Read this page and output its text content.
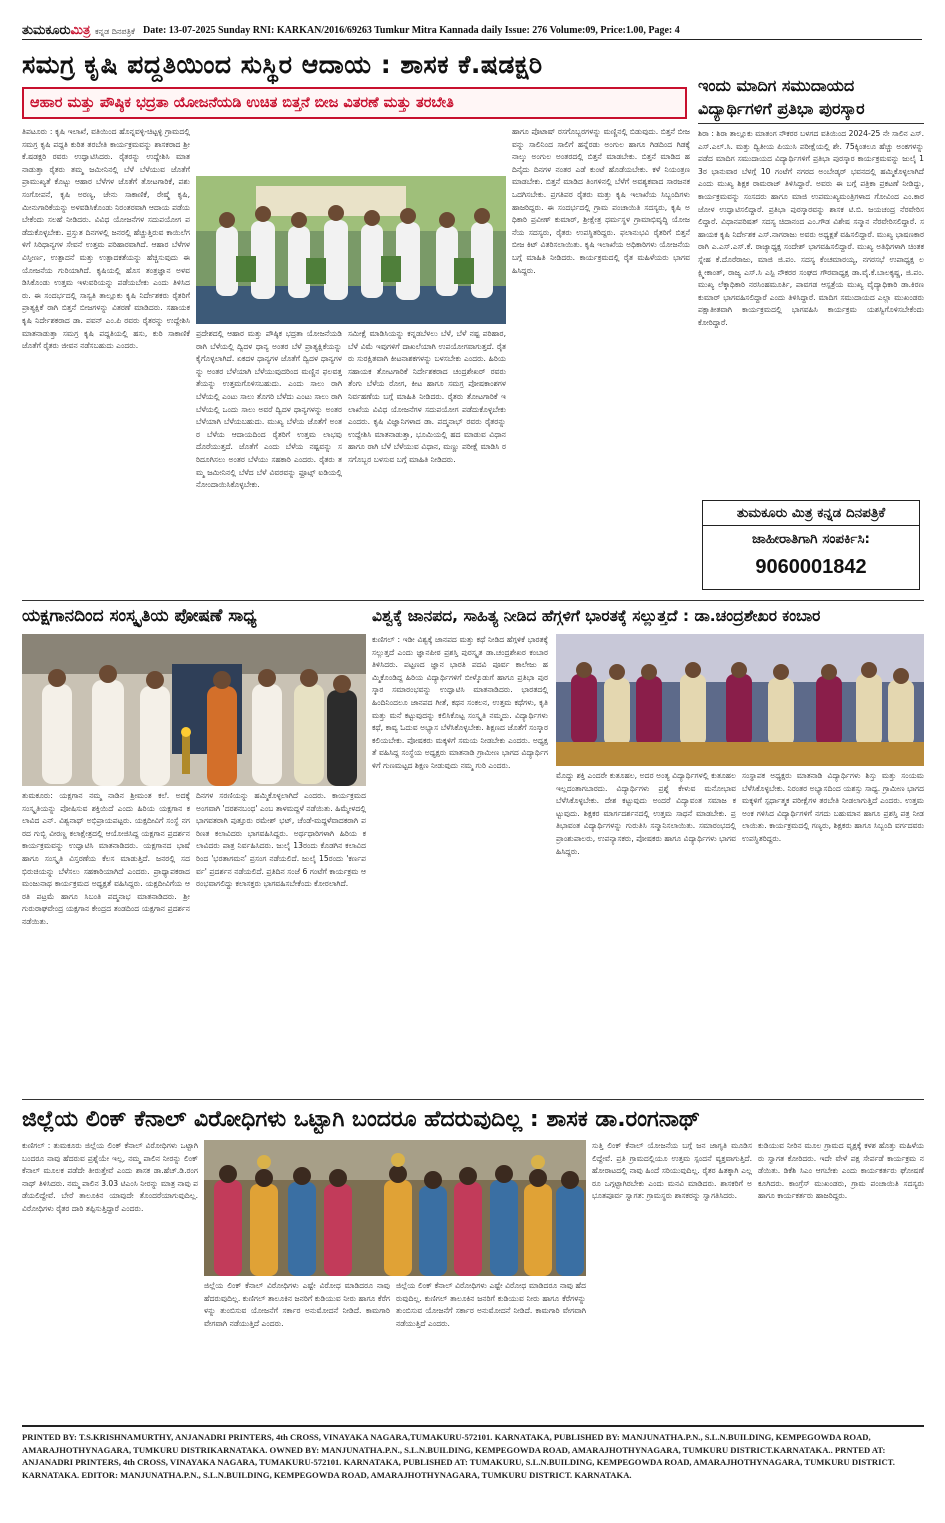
ತುಮಕೂರುಮಿತ್ರ ಕನ್ನಡ ದಿನಪತ್ರಿಕೆ Date: 13-07-2025 Sunday RNI: KARKAN/2016/69263 Tumkur Mitra Kannada daily Issue: 276 Volume:09, Price:1.00, Page: 4
ಸಮಗ್ರ ಕೃಷಿ ಪದ್ದತಿಯಿಂದ ಸುಸ್ಥಿರ ಆದಾಯ : ಶಾಸಕ ಕೆ.ಷಡಕ್ಷರಿ
ಆಹಾರ ಮತ್ತು ಪೌಷ್ಠಿಕ ಭದ್ರತಾ ಯೋಜನೆಯಡಿ ಉಚಿತ ಬಿತ್ತನೆ ಬೀಜ ವಿತರಣೆ ಮತ್ತು ತರಬೇತಿ
ತಿಪಟೂರು : ಕೃಷಿ ಇಲಾಖೆ, ವತಿಯಿಂದ ಹೊನ್ನವಳ್ಳಿ-ಚಿಟ್ಟಳ್ಳಿ ಗ್ರಾಮದಲ್ಲಿ ಸಮಗ್ರ ಕೃಷಿ ಪದ್ದತಿ ಕುರಿತ ತರಬೇತಿ ಕಾರ್ಯಕ್ರಮವನ್ನು ಶಾಸಕರಾದ ಶ್ರೀ ಕೆ.ಷಡಕ್ಷರಿ ರವರು ಉದ್ಘಾಟಿಸಿದರು. ರೈತರನ್ನು ಉದ್ದೇಶಿಸಿ ಮಾತನಾಡುತ್ತಾ ರೈತರು ತಮ್ಮ ಜಮೀನಿನಲ್ಲಿ ಬೆಳೆ ಬೆಳೆಯುವ ಜೊತೆಗೆ ಪ್ರಾಮುಖ್ಯತೆ ಕೊಟ್ಟು ಆಹಾರ ಬೆಳೆಗಳ ಜೊತೆಗೆ ತೋಟಗಾರಿಕೆ, ಪಶು ಸಂಗೋಪನೆ, ಕೃಷಿ ಅರಣ್ಯ, ಜೇನು ಸಾಕಾಣಿಕೆ, ರೇಷ್ಮೆ ಕೃಷಿ, ಮೀನುಗಾರಿಕೆಯನ್ನು ಅಳವಡಿಸಿಕೊಂಡು ನಿರಂತರವಾಗಿ ಆದಾಯ ಪಡೆಯಬೇಕೆಂದು ಸಲಹೆ ನೀಡಿದರು. ವಿವಿಧ ಯೋಜನೆಗಳ ಸದುಪಯೋಗ ಪಡೆದುಕೊಳ್ಳಬೇಕು. ಪ್ರಸ್ತುತ ದಿನಗಳಲ್ಲಿ ಜನರಲ್ಲಿ ಹೆಚ್ಚುತ್ತಿರುವ ಕಾಯಿಲೆಗಳಿಗೆ ಸಿರಿಧಾನ್ಯಗಳ ಸೇವನೆ ಉತ್ತಮ ಪರಿಹಾರವಾಗಿದೆ. ಆಹಾರ ಬೆಳೆಗಳ ವಿಸ್ತೀರ್ಣ, ಉತ್ಪಾದನೆ ಮತ್ತು ಉತ್ಪಾದಕತೆಯನ್ನು ಹೆಚ್ಚಿಸುವುದು ಈ ಯೋಜನೆಯ ಗುರಿಯಾಗಿದೆ. ಕೃಷಿಯಲ್ಲಿ ಹೊಸ ತಂತ್ರಜ್ಞಾನ ಅಳವಡಿಸಿಕೊಂಡು ಉತ್ತಮ ಇಳುವರಿಯನ್ನು ಪಡೆಯಬೇಕು ಎಂದು ತಿಳಿಸಿದರು. ಈ ಸಂದರ್ಭದಲ್ಲಿ ಸಾಸ್ವತಿ ತಾಲ್ಲೂಕು ಕೃಷಿ ನಿರ್ದೇಶಕರು ರೈತರಿಗೆ ಪ್ರಾತ್ಯಕ್ಷಿಕೆ ರಾಗಿ ಬಿತ್ತನೆ ಬೀಜಗಳನ್ನು ವಿತರಣೆ ಮಾಡಿದರು. ಸಹಾಯಕ ಕೃಷಿ ನಿರ್ದೇಶಕರಾದ ಡಾ. ಪವನ್ ಎಂ.ಪಿ ರವರು ರೈತರನ್ನು ಉದ್ದೇಶಿಸಿ ಮಾತನಾಡುತ್ತಾ ಸಮಗ್ರ ಕೃಷಿ ಪದ್ದತಿಯಲ್ಲಿ ಹಸು, ಕುರಿ ಸಾಕಾಣಿಕೆ ಜೊತೆಗೆ ರೈತರು ಜೀವನ ನಡೆಸಬಹುದು ಎಂದರು.
ಪ್ರದೇಶದಲ್ಲಿ ಆಹಾರ ಮತ್ತು ಪೌಷ್ಠಿಕ ಭದ್ರತಾ ಯೋಜನೆಯಡಿ ರಾಗಿ ಬೆಳೆಯಲ್ಲಿ ದ್ವಿದಳ ಧಾನ್ಯ ಅಂತರ ಬೆಳೆ ಪ್ರಾತ್ಯಕ್ಷಿಕೆಯನ್ನು ಕೈಗೊಳ್ಳಲಾಗಿದೆ. ಏಕದಳ ಧಾನ್ಯಗಳ ಜೊತೆಗೆ ದ್ವಿದಳ ಧಾನ್ಯಗಳನ್ನು ಅಂತರ ಬೆಳೆಯಾಗಿ ಬೆಳೆಯುವುದರಿಂದ ಮಣ್ಣಿನ ಫಲವತ್ತತೆಯನ್ನು ಉತ್ತಮಗೊಳಿಸಬಹುದು. ಎಂದು ಸಾಲು ರಾಗಿ ಬೆಳೆಯಲ್ಲಿ ಎಂಟು ಸಾಲು ತೊಗರಿ ಬೆಳೆದು ಎಂಟು ಸಾಲು ರಾಗಿ ಬೆಳೆಯಲ್ಲಿ ಒಂದು ಸಾಲು ಅವರೆ ದ್ವಿದಳ ಧಾನ್ಯಗಳನ್ನು ಅಂತರ ಬೆಳೆಯಾಗಿ ಬೆಳೆಯಬಹುದು. ಮುಖ್ಯ ಬೆಳೆಯ ಜೊತೆಗೆ ಅಂತರ ಬೆಳೆಯ ಆದಾಯದಿಂದ ರೈತರಿಗೆ ಉತ್ತಮ ಲಾಭವು ದೊರೆಯುತ್ತದೆ. ಜೊತೆಗೆ ಎಂದು ಬೆಳೆಯ ನಷ್ಟವನ್ನು ಸರಿದೂಗಿಸಲು ಅಂತರ ಬೆಳೆಯು ಸಹಕಾರಿ ಎಂದರು. ರೈತರು ತಮ್ಮ ಜಮೀನಿನಲ್ಲಿ ಬೆಳೆದ ಬೆಳೆ ವಿವರವನ್ನು ಫ್ರೂಟ್ಸ್ ಐಡಿಯಲ್ಲಿ ನೋಂದಾಯಿಸಿಕೊಳ್ಳಬೇಕು.
ಸಮೀಕ್ಷೆ ಮಾಡಿಸಿಯನ್ನು ಕನ್ನಡಬೆಳಲು ಬೆಳೆ, ಬೆಳೆ ನಷ್ಟ ಪರಿಹಾರ, ಬೆಳೆ ವಿಮೆ ಇವುಗಳಿಗೆ ದಾಖಲೆಯಾಗಿ ಉಪಯೋಗವಾಗುತ್ತದೆ. ರೈತರು ಸುರಕ್ಷಿತವಾಗಿ ಕೀಟನಾಶಕಗಳನ್ನು ಬಳಸಬೇಕು ಎಂದರು. ಹಿರಿಯ ಸಹಾಯಕ ತೋಟಗಾರಿಕೆ ನಿರ್ದೇಶಕರಾದ ಚಂದ್ರಶೇಖರ್ ರವರು ತೆಂಗು ಬೆಳೆಯ ರೋಗ, ಕೀಟ ಹಾಗೂ ಸಮಗ್ರ ಪೋಷಕಾಂಶಗಳ ನಿರ್ವಹಣೆಯ ಬಗ್ಗೆ ಮಾಹಿತಿ ನೀಡಿದರು. ರೈತರು ತೋಟಗಾರಿಕೆ ಇಲಾಖೆಯ ವಿವಿಧ ಯೋಜನೆಗಳ ಸದುಪಯೋಗ ಪಡೆದುಕೊಳ್ಳಬೇಕು ಎಂದರು. ಕೃಷಿ ವಿಜ್ಞಾನಿಗಳಾದ ಡಾ. ಪದ್ಮನಾಭ್ ರವರು ರೈತರನ್ನು ಉದ್ದೇಶಿಸಿ ಮಾತನಾಡುತ್ತಾ, ಭೂಮಿಯಲ್ಲಿ ಹದ ಮಾಡುವ ವಿಧಾನ ಹಾಗೂ ರಾಗಿ ಬೆಳೆ ಬೆಳೆಯುವ ವಿಧಾನ, ಮಣ್ಣು ಪರೀಕ್ಷೆ ಮಾಡಿಸಿ ರಸಗೊಬ್ಬರ ಬಳಸುವ ಬಗ್ಗೆ ಮಾಹಿತಿ ನೀಡಿದರು.
ಹಾಗೂ ಪೊಟಾಷ್ ರಸಗೊಬ್ಬರಗಳನ್ನು ಮಣ್ಣಿನಲ್ಲಿ ಬಿಡುವುದು. ಬಿತ್ತನೆ ಬೀಜವನ್ನು ಸಾಲಿನಿಂದ ಸಾಲಿಗೆ ಹನ್ನೆರಡು ಅಂಗುಲ ಹಾಗೂ ಗಿಡದಿಂದ ಗಿಡಕ್ಕೆ ನಾಲ್ಕು ಅಂಗುಲ ಅಂತರದಲ್ಲಿ ಬಿತ್ತನೆ ಮಾಡಬೇಕು. ಬಿತ್ತನೆ ಮಾಡಿದ ಹದಿನೈದು ದಿನಗಳ ನಂತರ ಎಡೆ ಕುಂಟೆ ಹೊಡೆಯಬೇಕು. ಕಳೆ ನಿಯಂತ್ರಣ ಮಾಡಬೇಕು. ಬಿತ್ತನೆ ಮಾಡಿದ ತಿಂಗಳಿನಲ್ಲಿ ಬೆಳೆಗೆ ಅವಶ್ಯಕವಾದ ಸಾರಜನಕ ಒದಗಿಸಬೇಕು. ಪ್ರಗತಿಪರ ರೈತರು ಮತ್ತು ಕೃಷಿ ಇಲಾಖೆಯ ಸಿಬ್ಬಂದಿಗಳು ಹಾಜರಿದ್ದರು. ಈ ಸಂದರ್ಭದಲ್ಲಿ ಗ್ರಾಮ ಪಂಚಾಯಿತಿ ಸದಸ್ಯರು, ಕೃಷಿ ಅಧಿಕಾರಿ ಪ್ರವೀಣ್ ಕುಮಾರ್, ಶ್ರೀಕ್ಷೇತ್ರ ಧರ್ಮಸ್ಥಳ ಗ್ರಾಮಾಭಿವೃದ್ಧಿ ಯೋಜನೆಯ ಸದಸ್ಯರು, ರೈತರು ಉಪಸ್ಥಿತರಿದ್ದರು. ಫಲಾನುಭವಿ ರೈತರಿಗೆ ಬಿತ್ತನೆ ಬೀಜ ಕಿಟ್ ವಿತರಿಸಲಾಯಿತು. ಕೃಷಿ ಇಲಾಖೆಯ ಅಧಿಕಾರಿಗಳು ಯೋಜನೆಯ ಬಗ್ಗೆ ಮಾಹಿತಿ ನೀಡಿದರು. ಕಾರ್ಯಕ್ರಮದಲ್ಲಿ ರೈತ ಮಹಿಳೆಯರು ಭಾಗವಹಿಸಿದ್ದರು.
ಇಂದು ಮಾದಿಗ ಸಮುದಾಯದ ವಿದ್ಯಾರ್ಥಿಗಳಿಗೆ ಪ್ರತಿಭಾ ಪುರಸ್ಕಾರ
ಶಿರಾ : ಶಿರಾ ತಾಲ್ಲೂಕು ಮಾತಂಗ ನೌಕರರ ಬಳಗದ ವತಿಯಿಂದ 2024-25 ನೇ ಸಾಲಿನ ಎಸ್.ಎಸ್.ಎಲ್.ಸಿ. ಮತ್ತು ದ್ವಿತೀಯ ಪಿಯುಸಿ ಪರೀಕ್ಷೆಯಲ್ಲಿ ಶೇ. 75ಕ್ಕಿಂತಲೂ ಹೆಚ್ಚು ಅಂಕಗಳನ್ನು ಪಡೆದ ಮಾದಿಗ ಸಮುದಾಯದ ವಿದ್ಯಾರ್ಥಿಗಳಿಗೆ ಪ್ರತಿಭಾ ಪುರಸ್ಕಾರ ಕಾರ್ಯಕ್ರಮವನ್ನು ಜುಲೈ 13ರ ಭಾನುವಾರ ಬೆಳಗ್ಗೆ 10 ಗಂಟೆಗೆ ನಗರದ ಅಂಬೇಡ್ಕರ್ ಭವನದಲ್ಲಿ ಹಮ್ಮಿಕೊಳ್ಳಲಾಗಿದೆ ಎಂದು ಮುಖ್ಯ ಶಿಕ್ಷಕ ರಾಮರಾಜ್ ತಿಳಿಸಿದ್ದಾರೆ. ಅವರು ಈ ಬಗ್ಗೆ ಪತ್ರಿಕಾ ಪ್ರಕಟಣೆ ನೀಡಿದ್ದು, ಕಾರ್ಯಕ್ರಮವನ್ನು ಸಂಸದರು ಹಾಗೂ ಮಾಜಿ ಉಪಮುಖ್ಯಮಂತ್ರಿಗಳಾದ ಗೋವಿಂದ ಎಂ.ಕಾರಜೋಳ ಉದ್ಘಾಟಿಸಲಿದ್ದಾರೆ. ಪ್ರತಿಭಾ ಪುರಸ್ಕಾರವನ್ನು ಶಾಸಕ ಟಿ.ಬಿ. ಜಯಚಂದ್ರ ನೆರವೇರಿಸಲಿದ್ದಾರೆ. ವಿಧಾನಪರಿಷತ್ ಸದಸ್ಯ ಚಿದಾನಂದ ಎಂ.ಗೌಡ ವಿಶೇಷ ಸನ್ಮಾನ ನೆರವೇರಿಸಲಿದ್ದಾರೆ. ಸಹಾಯಕ ಕೃಷಿ ನಿರ್ದೇಶಕ ಎಸ್.ನಾಗರಾಜು ಅವರು ಅಧ್ಯಕ್ಷತೆ ವಹಿಸಲಿದ್ದಾರೆ. ಮುಖ್ಯ ಭಾಷಣಕಾರರಾಗಿ ಎ.ಎಸ್.ಎಸ್.ಕೆ. ರಾಜ್ಯಾಧ್ಯಕ್ಷ ಸಂದೇಶ್ ಭಾಗವಹಿಸಲಿದ್ದಾರೆ. ಮುಖ್ಯ ಅತಿಥಿಗಳಾಗಿ ಚಿಂತಕ ಸ್ನೇಹ ಕೆ.ದೊರೆರಾಜು, ಮಾಜಿ ಜಿ.ಪಂ. ಸದಸ್ಯ ಕೆಂಚಮಾರಯ್ಯ, ನಗರಸಭೆ ಉಪಾಧ್ಯಕ್ಷ ಲಕ್ಷ್ಮೀಕಾಂತ್, ರಾಜ್ಯ ಎಸ್.ಸಿ ಎಸ್ಟಿ ನೌಕರರ ಸಂಘದ ಗೌರವಾಧ್ಯಕ್ಷ ಡಾ.ವೈ.ಕೆ.ಬಾಲಕೃಷ್ಣ, ಜಿ.ಪಂ. ಮುಖ್ಯ ಲೆಕ್ಕಾಧಿಕಾರಿ ನರಸಿಂಹಮೂರ್ತಿ, ಪಾವಗಡ ಆಸ್ಪತ್ರೆಯ ಮುಖ್ಯ ವೈದ್ಯಾಧಿಕಾರಿ ಡಾ.ಕಿರಣ ಕುಮಾರ್ ಭಾಗವಹಿಸಲಿದ್ದಾರೆ ಎಂದು ತಿಳಿಸಿದ್ದಾರೆ. ಮಾದಿಗ ಸಮುದಾಯದ ಎಲ್ಲಾ ಮುಖಂಡರು ಪಕ್ಷಾತೀತವಾಗಿ ಕಾರ್ಯಕ್ರಮದಲ್ಲಿ ಭಾಗವಹಿಸಿ ಕಾರ್ಯಕ್ರಮ ಯಶಸ್ವಿಗೊಳಿಸಬೇಕೆಂದು ಕೋರಿದ್ದಾರೆ.
ತುಮಕೂರು ಮಿತ್ರ ಕನ್ನಡ ದಿನಪತ್ರಿಕೆ
ಜಾಹೀರಾತಿಗಾಗಿ ಸಂಪರ್ಕಿಸಿ:
9060001842
ಯಕ್ಷಗಾನದಿಂದ ಸಂಸ್ಕೃತಿಯ ಪೋಷಣೆ ಸಾಧ್ಯ
ತುಮಕೂರು: ಯಕ್ಷಗಾನ ನಮ್ಮ ನಾಡಿನ ಶ್ರೀಮಂತ ಕಲೆ. ಅದಕ್ಕೆ ಸಂಸ್ಕೃತಿಯನ್ನು ಪೋಷಿಸುವ ಶಕ್ತಿಯಿದೆ ಎಂದು ಹಿರಿಯ ಯಕ್ಷಗಾನ ಕಲಾವಿದ ಎನ್. ವಿಶ್ವನಾಥ್ ಅಭಿಪ್ರಾಯಪಟ್ಟರು. ಯಕ್ಷದೀವಿಗೆ ಸಂಸ್ಥೆ ನಗರದ ಗುಬ್ಬಿ ವೀರಣ್ಣ ಕಲಾಕ್ಷೇತ್ರದಲ್ಲಿ ಆಯೋಜಿಸಿದ್ದ ಯಕ್ಷಗಾನ ಪ್ರದರ್ಶನ ಕಾರ್ಯಕ್ರಮವನ್ನು ಉದ್ಘಾಟಿಸಿ ಮಾತನಾಡಿದರು. ಯಕ್ಷಗಾನದ ಭಾಷೆ ಹಾಗೂ ಸಂಸ್ಕೃತಿ ವಿಸ್ತರಣೆಯ ಕೆಲಸ ಮಾಡುತ್ತಿದೆ. ಜನರಲ್ಲಿ ಸದಭಿರುಚಿಯನ್ನು ಬೆಳೆಸಲು ಸಹಕಾರಿಯಾಗಿದೆ ಎಂದರು. ಪ್ರಾಧ್ಯಾಪಕರಾದ ಮಂಜುನಾಥ ಕಾರ್ಯಕ್ರಮದ ಅಧ್ಯಕ್ಷತೆ ವಹಿಸಿದ್ದರು. ಯಕ್ಷದೀವಿಗೆಯ ಆರತಿ ಪಟ್ರಮೆ ಹಾಗೂ ಸಿಬಂತಿ ಪದ್ಮನಾಭ ಮಾತನಾಡಿದರು. ಶ್ರೀ ಗುರುರಾಘವೇಂದ್ರ ಯಕ್ಷಗಾನ ಕೇಂದ್ರದ ತಂಡದಿಂದ ಯಕ್ಷಗಾನ ಪ್ರದರ್ಶನ ನಡೆಯಿತು.
ದಿನಗಳ ಸರಣಿಯನ್ನು ಹಮ್ಮಿಕೊಳ್ಳಲಾಗಿದೆ ಎಂದರು. ಕಾರ್ಯಕ್ರಮದ ಅಂಗವಾಗಿ 'ದರಶನಬಂಧ' ಎಂಬ ತಾಳಮದ್ದಳೆ ನಡೆಯಿತು. ಹಿಮ್ಮೇಳದಲ್ಲಿ ಭಾಗವತರಾಗಿ ಪುತ್ತೂರು ರಮೇಶ್ ಭಟ್, ಚೆಂಡೆ-ಮದ್ದಳೆವಾದಕರಾಗಿ ಪರಿಣತ ಕಲಾವಿದರು ಭಾಗವಹಿಸಿದ್ದರು. ಅರ್ಥಧಾರಿಗಳಾಗಿ ಹಿರಿಯ ಕಲಾವಿದರು ಪಾತ್ರ ನಿರ್ವಹಿಸಿದರು. ಜುಲೈ 13ರಂದು ಕೊಡಗಿನ ಕಲಾವಿದರಿಂದ 'ಭರತಾಗಮನ' ಪ್ರಸಂಗ ನಡೆಯಲಿದೆ. ಜುಲೈ 15ರಂದು 'ಕರ್ಣಪರ್ವ' ಪ್ರದರ್ಶನ ನಡೆಯಲಿದೆ. ಪ್ರತಿದಿನ ಸಂಜೆ 6 ಗಂಟೆಗೆ ಕಾರ್ಯಕ್ರಮ ಆರಂಭವಾಗಲಿದ್ದು ಕಲಾಸಕ್ತರು ಭಾಗವಹಿಸಬೇಕೆಂದು ಕೋರಲಾಗಿದೆ.
ವಿಶ್ವಕ್ಕೆ ಜಾನಪದ, ಸಾಹಿತ್ಯ ನೀಡಿದ ಹೆಗ್ಗಳಿಗೆ ಭಾರತಕ್ಕೆ ಸಲ್ಲುತ್ತದೆ : ಡಾ.ಚಂದ್ರಶೇಖರ ಕಂಬಾರ
ಕುಣಿಗಲ್ : ಇಡೀ ವಿಶ್ವಕ್ಕೆ ಜಾನಪದ ಮತ್ತು ಕಥೆ ನೀಡಿದ ಹೆಗ್ಗಳಿಕೆ ಭಾರತಕ್ಕೆ ಸಲ್ಲುತ್ತದೆ ಎಂದು ಜ್ಞಾನಪೀಠ ಪ್ರಶಸ್ತಿ ಪುರಸ್ಕೃತ ಡಾ.ಚಂದ್ರಶೇಖರ ಕಂಬಾರ ತಿಳಿಸಿದರು. ಪಟ್ಟಣದ ಜ್ಞಾನ ಭಾರತಿ ಪದವಿ ಪೂರ್ವ ಕಾಲೇಜು ಹಮ್ಮಿಕೊಂಡಿದ್ದ ಹಿರಿಯ ವಿದ್ಯಾರ್ಥಿಗಳಿಗೆ ಬೀಳ್ಕೊಡುಗೆ ಹಾಗೂ ಪ್ರತಿಭಾ ಪುರಸ್ಕಾರ ಸಮಾರಂಭವನ್ನು ಉದ್ಘಾಟಿಸಿ ಮಾತನಾಡಿದರು. ಭಾರತದಲ್ಲಿ ಹಿಂದಿನಿಂದಲೂ ಜಾನಪದ ಗೀತೆ, ಕಥನ ಸಂಕಲನ, ಉತ್ತಮ ಕಥೆಗಳು, ಕೃತಿ ಮತ್ತು ಮನೆ ಕಟ್ಟುವುದನ್ನು ಕಲಿಸಿಕೊಟ್ಟ ಸಂಸ್ಕೃತಿ ನಮ್ಮದು. ವಿದ್ಯಾರ್ಥಿಗಳು ಕಥೆ, ಕಾವ್ಯ ಓದುವ ಅಭ್ಯಾಸ ಬೆಳೆಸಿಕೊಳ್ಳಬೇಕು. ಶಿಕ್ಷಣದ ಜೊತೆಗೆ ಸಂಸ್ಕಾರ ಕಲಿಯಬೇಕು. ಪೋಷಕರು ಮಕ್ಕಳಿಗೆ ಸಮಯ ನೀಡಬೇಕು ಎಂದರು. ಅಧ್ಯಕ್ಷತೆ ವಹಿಸಿದ್ದ ಸಂಸ್ಥೆಯ ಅಧ್ಯಕ್ಷರು ಮಾತನಾಡಿ ಗ್ರಾಮೀಣ ಭಾಗದ ವಿದ್ಯಾರ್ಥಿಗಳಿಗೆ ಗುಣಮಟ್ಟದ ಶಿಕ್ಷಣ ನೀಡುವುದು ನಮ್ಮ ಗುರಿ ಎಂದರು.
ಮೊದ್ದು ಶಕ್ತಿ ಎಂದರೇ ಕುತೂಹಲ, ಅದರ ಅಂತ್ಯ ವಿದ್ಯಾರ್ಥಿಗಳಲ್ಲಿ ಕುತೂಹಲ ಇಲ್ಲದಂತಾಗಬಾರದು. ವಿದ್ಯಾರ್ಥಿಗಳು ಪ್ರಶ್ನೆ ಕೇಳುವ ಮನೋಭಾವ ಬೆಳೆಸಿಕೊಳ್ಳಬೇಕು. ದೇಶ ಕಟ್ಟುವುದು ಅಂದರೆ ವಿದ್ಯಾವಂತ ಸಮಾಜ ಕಟ್ಟುವುದು. ಶಿಕ್ಷಕರ ಮಾರ್ಗದರ್ಶನದಲ್ಲಿ ಉತ್ತಮ ಸಾಧನೆ ಮಾಡಬೇಕು. ಪ್ರತಿಭಾವಂತ ವಿದ್ಯಾರ್ಥಿಗಳನ್ನು ಗುರುತಿಸಿ ಸನ್ಮಾನಿಸಲಾಯಿತು. ಸಮಾರಂಭದಲ್ಲಿ ಪ್ರಾಂಶುಪಾಲರು, ಉಪನ್ಯಾಸಕರು, ಪೋಷಕರು ಹಾಗೂ ವಿದ್ಯಾರ್ಥಿಗಳು ಭಾಗವಹಿಸಿದ್ದರು.
ಸಂಸ್ಥಾಪಕ ಅಧ್ಯಕ್ಷರು ಮಾತನಾಡಿ ವಿದ್ಯಾರ್ಥಿಗಳು ಶಿಸ್ತು ಮತ್ತು ಸಂಯಮ ಬೆಳೆಸಿಕೊಳ್ಳಬೇಕು. ನಿರಂತರ ಅಭ್ಯಾಸದಿಂದ ಯಶಸ್ಸು ಸಾಧ್ಯ. ಗ್ರಾಮೀಣ ಭಾಗದ ಮಕ್ಕಳಿಗೆ ಸ್ಪರ್ಧಾತ್ಮಕ ಪರೀಕ್ಷೆಗಳ ತರಬೇತಿ ನೀಡಲಾಗುತ್ತಿದೆ ಎಂದರು. ಉತ್ತಮ ಅಂಕ ಗಳಿಸಿದ ವಿದ್ಯಾರ್ಥಿಗಳಿಗೆ ನಗದು ಬಹುಮಾನ ಹಾಗೂ ಪ್ರಶಸ್ತಿ ಪತ್ರ ನೀಡಲಾಯಿತು. ಕಾರ್ಯಕ್ರಮದಲ್ಲಿ ಗಣ್ಯರು, ಶಿಕ್ಷಕರು ಹಾಗೂ ಸಿಬ್ಬಂದಿ ವರ್ಗದವರು ಉಪಸ್ಥಿತರಿದ್ದರು.
ಜಿಲ್ಲೆಯ ಲಿಂಕ್ ಕೆನಾಲ್ ವಿರೋಧಿಗಳು ಒಟ್ಟಾಗಿ ಬಂದರೂ ಹೆದರುವುದಿಲ್ಲ : ಶಾಸಕ ಡಾ.ರಂಗನಾಥ್
ಕುಣಿಗಲ್ : ತುಮಕೂರು ಜಿಲ್ಲೆಯ ಲಿಂಕ್ ಕೆನಾಲ್ ವಿರೋಧಿಗಳು ಒಟ್ಟಾಗಿ ಬಂದರೂ ನಾವು ಹೆದರುವ ಪ್ರಶ್ನೆಯೇ ಇಲ್ಲ, ನಮ್ಮ ಪಾಲಿನ ನೀರನ್ನು ಲಿಂಕ್ ಕೆನಾಲ್ ಮೂಲಕ ಪಡೆದೇ ತೀರುತ್ತೇವೆ ಎಂದು ಶಾಸಕ ಡಾ.ಹೆಚ್.ಡಿ.ರಂಗನಾಥ್ ತಿಳಿಸಿದರು. ನಮ್ಮ ಪಾಲಿನ 3.03 ಟಿಎಂಸಿ ನೀರನ್ನು ಮಾತ್ರ ನಾವು ಪಡೆಯಲಿದ್ದೇವೆ. ಬೇರೆ ತಾಲೂಕಿನ ಯಾವುದೇ ತೊಂದರೆಯಾಗುವುದಿಲ್ಲ. ವಿರೋಧಿಗಳು ರೈತರ ದಾರಿ ತಪ್ಪಿಸುತ್ತಿದ್ದಾರೆ ಎಂದರು.
ಜಿಲ್ಲೆಯ ಲಿಂಕ್ ಕೆನಾಲ್ ವಿರೋಧಿಗಳು ಎಷ್ಟೇ ವಿರೋಧ ಮಾಡಿದರೂ ನಾವು ಹೆದರುವುದಿಲ್ಲ. ಕುಣಿಗಲ್ ತಾಲೂಕಿನ ಜನರಿಗೆ ಕುಡಿಯುವ ನೀರು ಹಾಗೂ ಕೆರೆಗಳನ್ನು ತುಂಬಿಸುವ ಯೋಜನೆಗೆ ಸರ್ಕಾರ ಅನುಮೋದನೆ ನೀಡಿದೆ. ಕಾಮಗಾರಿ ವೇಗವಾಗಿ ನಡೆಯುತ್ತಿದೆ ಎಂದರು.
ಜಿಲ್ಲೆಯ ಲಿಂಕ್ ಕೆನಾಲ್ ವಿರೋಧಿಗಳು ಎಷ್ಟೇ ವಿರೋಧ ಮಾಡಿದರೂ ನಾವು ಹೆದರುವುದಿಲ್ಲ. ಕುಣಿಗಲ್ ತಾಲೂಕಿನ ಜನರಿಗೆ ಕುಡಿಯುವ ನೀರು ಹಾಗೂ ಕೆರೆಗಳನ್ನು ತುಂಬಿಸುವ ಯೋಜನೆಗೆ ಸರ್ಕಾರ ಅನುಮೋದನೆ ನೀಡಿದೆ. ಕಾಮಗಾರಿ ವೇಗವಾಗಿ ನಡೆಯುತ್ತಿದೆ ಎಂದರು.
ಸುತ್ತಿ ಲಿಂಕ್ ಕೆನಾಲ್ ಯೋಜನೆಯ ಬಗ್ಗೆ ಜನ ಜಾಗೃತಿ ಮೂಡಿಸಲಿದ್ದೇವೆ. ಪ್ರತಿ ಗ್ರಾಮದಲ್ಲಿಯೂ ಉತ್ತಮ ಸ್ಪಂದನೆ ವ್ಯಕ್ತವಾಗುತ್ತಿದೆ. ಹೋರಾಟದಲ್ಲಿ ನಾವು ಹಿಂದೆ ಸರಿಯುವುದಿಲ್ಲ. ರೈತರ ಹಿತಕ್ಕಾಗಿ ಎಲ್ಲರೂ ಒಗ್ಗಟ್ಟಾಗಿರಬೇಕು ಎಂದು ಮನವಿ ಮಾಡಿದರು. ಶಾಸಕರಿಗೆ ಅಭೂತಪೂರ್ವ ಸ್ವಾಗತ: ಗ್ರಾಮಸ್ಥರು ಶಾಸಕರನ್ನು ಸ್ವಾಗತಿಸಿದರು.
ಕುಡಿಯುವ ನೀರಿನ ಮೂಲ ಗ್ರಾಮದ ವೃಕ್ಷಕ್ಕೆ ಕಳಶ ಹೊತ್ತು ಮಹಿಳೆಯರು ಸ್ವಾಗತ ಕೋರಿದರು. ಇದೇ ವೇಳೆ ಪಕ್ಷ ಸೇರ್ಪಡೆ ಕಾರ್ಯಕ್ರಮ ನಡೆಯಿತು. ಡಿಕೆಶಿ ಸಿಎಂ ಆಗಬೇಕು ಎಂದು ಕಾರ್ಯಕರ್ತರು ಘೋಷಣೆ ಕೂಗಿದರು. ಕಾಂಗ್ರೆಸ್ ಮುಖಂಡರು, ಗ್ರಾಮ ಪಂಚಾಯಿತಿ ಸದಸ್ಯರು ಹಾಗೂ ಕಾರ್ಯಕರ್ತರು ಹಾಜರಿದ್ದರು.
PRINTED BY: T.S.KRISHNAMURTHY, ANJANADRI PRINTERS, 4th CROSS, VINAYAKA NAGARA,TUMAKURU-572101. KARNATAKA, PUBLISHED BY: MANJUNATHA.P.N., S.L.N.BUILDING, KEMPEGOWDA ROAD, AMARAJHOTHYNAGARA, TUMKURU DISTRIKARNATAKA. OWNED BY: MANJUNATHA.P.N., S.L.N.BUILDING, KEMPEGOWDA ROAD, AMARAJHOTHYNAGARA, TUMKURU DISTRICT.KARNATAKA.. PRNTED AT: ANJANADRI PRINTERS, 4th CROSS, VINAYAKA NAGARA, TUMAKURU-572101. KARNATAKA, PUBLISHED AT: TUMAKURU, S.L.N.BUILDING, KEMPEGOWDA ROAD, AMARAJHOTHYNAGARA, TUMKURU DISTRICT. KARNATAKA. EDITOR: MANJUNATHA.P.N., S.L.N.BUILDING, KEMPEGOWDA ROAD, AMARAJHOTHYNAGARA, TUMKURU DISTRICT. KARNATAKA.
